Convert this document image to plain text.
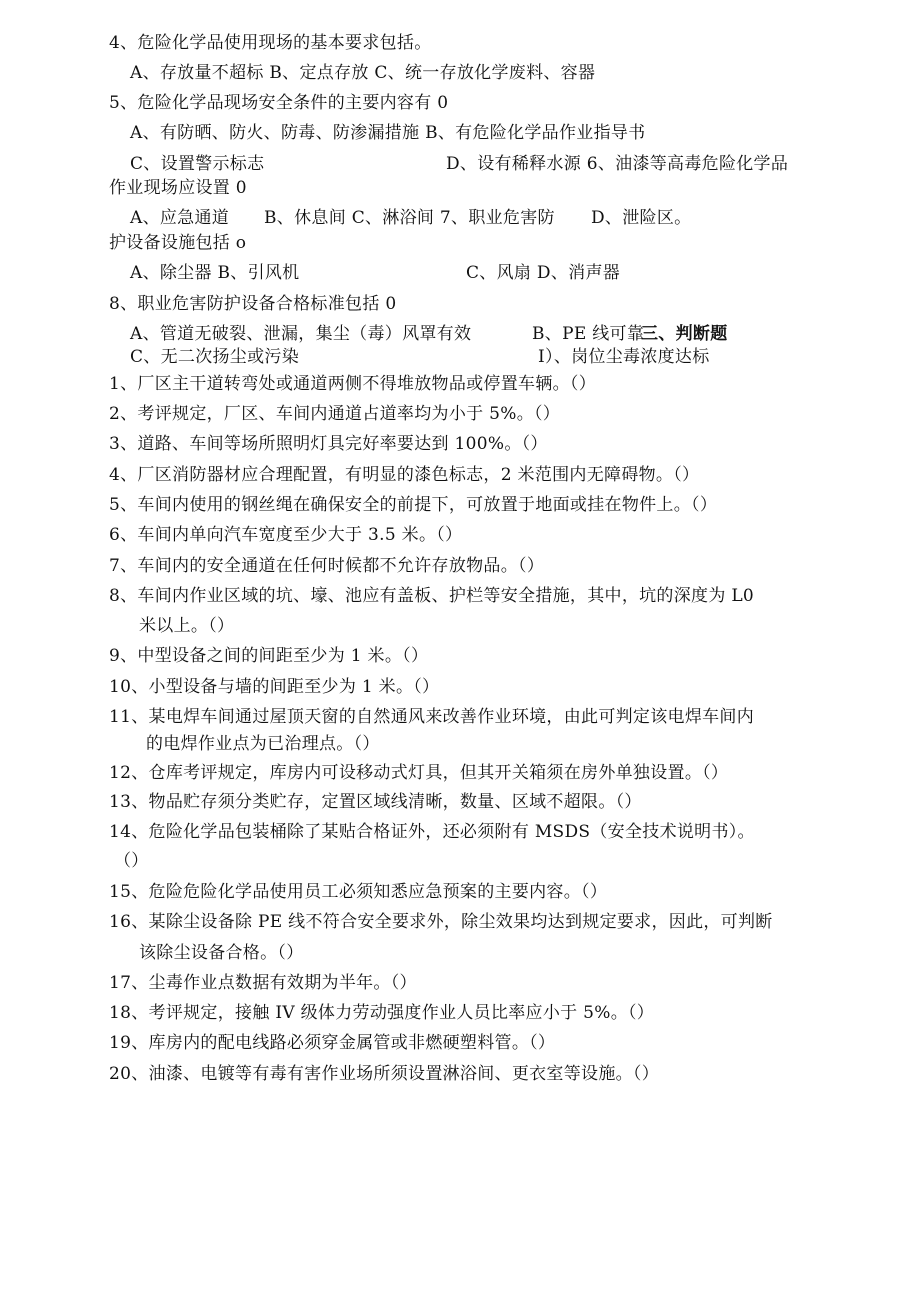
4、危险化学品使用现场的基本要求包括。
A、存放量不超标 B、定点存放 C、统一存放化学废料、容器
5、危险化学品现场安全条件的主要内容有 0
A、有防晒、防火、防毒、防渗漏措施 B、有危险化学品作业指导书
C、设置警示标志	D、设有稀释水源 6、油漆等高毒危险化学品
作业现场应设置 0
A、应急通道 B、休息间 C、淋浴间 7、职业危害防 D、泄险区。
护设备设施包括 o
A、除尘器 B、引风机	C、风扇 D、消声器
8、职业危害防护设备合格标准包括 0
A、管道无破裂、泄漏，集尘（毒）风罩有效	B、PE 线可靠
三、判断题
C、无二次扬尘或污染	I）、岗位尘毒浓度达标
1、厂区主干道转弯处或通道两侧不得堆放物品或停置车辆。（）
2、考评规定，厂区、车间内通道占道率均为小于 5%。（）
3、道路、车间等场所照明灯具完好率要达到 100%。（）
4、厂区消防器材应合理配置，有明显的漆色标志，2 米范围内无障碍物。（）
5、车间内使用的钢丝绳在确保安全的前提下，可放置于地面或挂在物件上。（）
6、车间内单向汽车宽度至少大于 3.5 米。（）
7、车间内的安全通道在任何时候都不允许存放物品。（）
8、车间内作业区域的坑、壕、池应有盖板、护栏等安全措施，其中，坑的深度为 L0
米以上。（）
9、中型设备之间的间距至少为 1 米。（）
10、小型设备与墙的间距至少为 1 米。（）
11、某电焊车间通过屋顶天窗的自然通风来改善作业环境，由此可判定该电焊车间内
的电焊作业点为已治理点。（）
12、仓库考评规定，库房内可设移动式灯具，但其开关箱须在房外单独设置。（）
13、物品贮存须分类贮存，定置区域线清晰，数量、区域不超限。（）
14、危险化学品包装桶除了某贴合格证外，还必须附有 MSDS（安全技术说明书）。
（）
15、危险危险化学品使用员工必须知悉应急预案的主要内容。（）
16、某除尘设备除 PE 线不符合安全要求外，除尘效果均达到规定要求，因此，可判断
该除尘设备合格。（）
17、尘毒作业点数据有效期为半年。（）
18、考评规定，接触 IV 级体力劳动强度作业人员比率应小于 5%。（）
19、库房内的配电线路必须穿金属管或非燃硬塑料管。（）
20、油漆、电镀等有毒有害作业场所须设置淋浴间、更衣室等设施。（）
